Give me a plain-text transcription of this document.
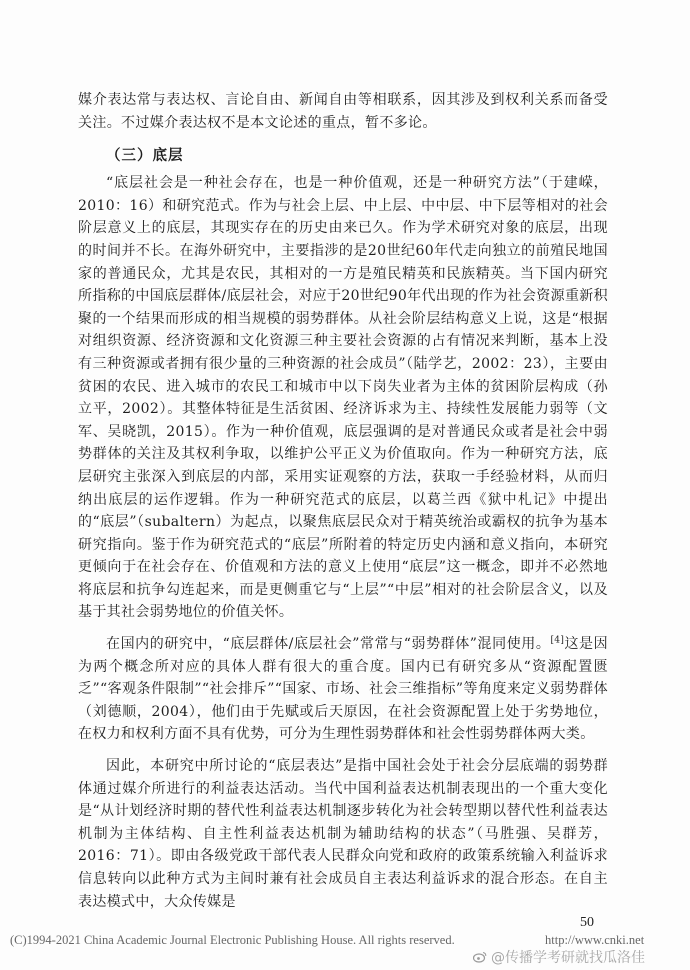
媒介表达常与表达权、言论自由、新闻自由等相联系，因其涉及到权利关系而备受关注。不过媒介表达权不是本文论述的重点，暂不多论。

（三）底层

“底层社会是一种社会存在，也是一种价值观，还是一种研究方法”（于建嵘，2010：16）和研究范式。作为与社会上层、中上层、中中层、中下层等相对的社会阶层意义上的底层，其现实存在的历史由来已久。作为学术研究对象的底层，出现的时间并不长。在海外研究中，主要指涉的是20世纪60年代走向独立的前殖民地国家的普通民众，尤其是农民，其相对的一方是殖民精英和民族精英。当下国内研究所指称的中国底层群体/底层社会，对应于20世纪90年代出现的作为社会资源重新积聚的一个结果而形成的相当规模的弱势群体。从社会阶层结构意义上说，这是“根据对组织资源、经济资源和文化资源三种主要社会资源的占有情况来判断，基本上没有三种资源或者拥有很少量的三种资源的社会成员”（陆学艺，2002：23），主要由贫困的农民、进入城市的农民工和城市中以下岗失业者为主体的贫困阶层构成（孙立平，2002）。其整体特征是生活贫困、经济诉求为主、持续性发展能力弱等（文军、吴晓凯，2015）。作为一种价值观，底层强调的是对普通民众或者是社会中弱势群体的关注及其权利争取，以维护公平正义为价值取向。作为一种研究方法，底层研究主张深入到底层的内部，采用实证观察的方法，获取一手经验材料，从而归纳出底层的运作逻辑。作为一种研究范式的底层，以葛兰西《狱中札记》中提出的“底层”（subaltern）为起点，以聚焦底层民众对于精英统治或霸权的抗争为基本研究指向。鉴于作为研究范式的“底层”所附着的特定历史内涵和意义指向，本研究更倾向于在社会存在、价值观和方法的意义上使用“底层”这一概念，即并不必然地将底层和抗争勾连起来，而是更侧重它与“上层”“中层”相对的社会阶层含义，以及基于其社会弱势地位的价值关怀。

在国内的研究中，“底层群体/底层社会”常常与“弱势群体”混同使用。[4]这是因为两个概念所对应的具体人群有很大的重合度。国内已有研究多从“资源配置匮乏”“客观条件限制”“社会排斥”“国家、市场、社会三维指标”等角度来定义弱势群体（刘德顺，2004），他们由于先赋或后天原因，在社会资源配置上处于劣势地位，在权力和权利方面不具有优势，可分为生理性弱势群体和社会性弱势群体两大类。

因此，本研究中所讨论的“底层表达”是指中国社会处于社会分层底端的弱势群体通过媒介所进行的利益表达活动。当代中国利益表达机制表现出的一个重大变化是“从计划经济时期的替代性利益表达机制逐步转化为社会转型期以替代性利益表达机制为主体结构、自主性利益表达机制为辅助结构的状态”（马胜强、吴群芳，2016：71）。即由各级党政干部代表人民群众向党和政府的政策系统输入利益诉求信息转向以此种方式为主间时兼有社会成员自主表达利益诉求的混合形态。在自主表达模式中，大众传媒是

50
(C)1994-2021 China Academic Journal Electronic Publishing House. All rights reserved.	http://www.cnki.net
@传播学考研就找瓜洛佳
